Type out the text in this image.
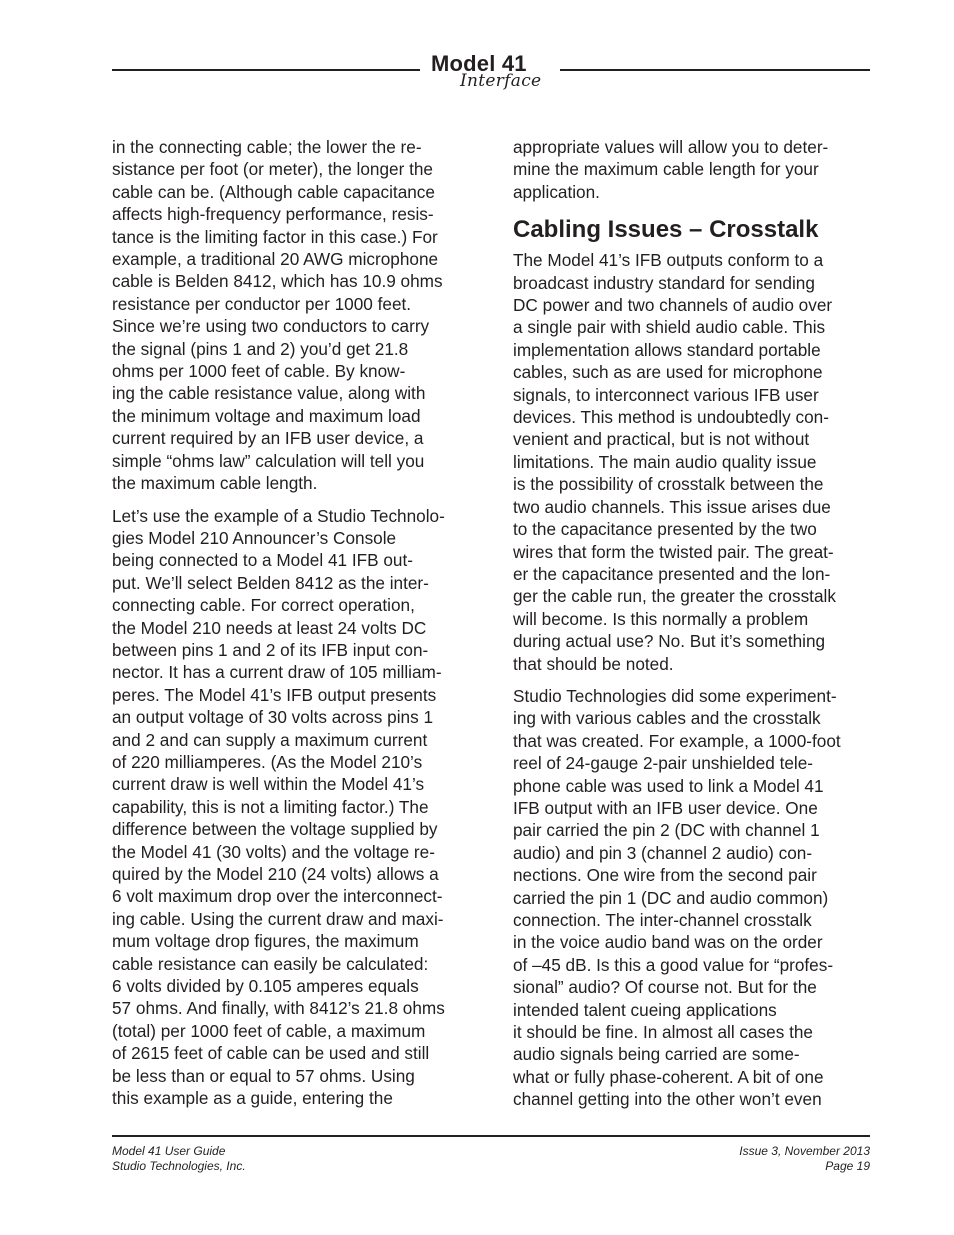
Model 41
Interface
in the connecting cable; the lower the re-
sistance per foot (or meter), the longer the
cable can be. (Although cable capacitance
affects high-frequency performance, resis-
tance is the limiting factor in this case.) For
example, a traditional 20 AWG microphone
cable is Belden 8412, which has 10.9 ohms
resistance per conductor per 1000 feet.
Since we’re using two conductors to carry
the signal (pins 1 and 2) you’d get 21.8
ohms per 1000 feet of cable. By know-
ing the cable resistance value, along with
the minimum voltage and maximum load
current required by an IFB user device, a
simple “ohms law” calculation will tell you
the maximum cable length.
Let’s use the example of a Studio Technolo-
gies Model 210 Announcer’s Console
being connected to a Model 41 IFB out-
put. We’ll select Belden 8412 as the inter-
connecting cable. For correct operation,
the Model 210 needs at least 24 volts DC
between pins 1 and 2 of its IFB input con-
nector. It has a current draw of 105 milliam-
peres. The Model 41’s IFB output presents
an output voltage of 30 volts across pins 1
and 2 and can supply a maximum current
of 220 milliamperes. (As the Model 210’s
current draw is well within the Model 41’s
capability, this is not a limiting factor.) The
difference between the voltage supplied by
the Model 41 (30 volts) and the voltage re-
quired by the Model 210 (24 volts) allows a
6 volt maximum drop over the interconnect-
ing cable. Using the current draw and maxi-
mum voltage drop figures, the maximum
cable resistance can easily be calculated:
6 volts divided by 0.105 amperes equals
57 ohms. And finally, with 8412’s 21.8 ohms
(total) per 1000 feet of cable, a maximum
of 2615 feet of cable can be used and still
be less than or equal to 57 ohms. Using
this example as a guide, entering the
appropriate values will allow you to deter-
mine the maximum cable length for your
application.
Cabling Issues – Crosstalk
The Model 41’s IFB outputs conform to a
broadcast industry standard for sending
DC power and two channels of audio over
a single pair with shield audio cable. This
implementation allows standard portable
cables, such as are used for microphone
signals, to interconnect various IFB user
devices. This method is undoubtedly con-
venient and practical, but is not without
limitations. The main audio quality issue
is the possibility of crosstalk between the
two audio channels. This issue arises due
to the capacitance presented by the two
wires that form the twisted pair. The great-
er the capacitance presented and the lon-
ger the cable run, the greater the crosstalk
will become. Is this normally a problem
during actual use? No. But it’s something
that should be noted.
Studio Technologies did some experiment-
ing with various cables and the crosstalk
that was created. For example, a 1000-foot
reel of 24-gauge 2-pair unshielded tele-
phone cable was used to link a Model 41
IFB output with an IFB user device. One
pair carried the pin 2 (DC with channel 1
audio) and pin 3 (channel 2 audio) con-
nections. One wire from the second pair
carried the pin 1 (DC and audio common)
connection. The inter-channel crosstalk
in the voice audio band was on the order
of –45 dB. Is this a good value for “profes-
sional” audio? Of course not. But for the
intended talent cueing applications
it should be fine. In almost all cases the
audio signals being carried are some-
what or fully phase-coherent. A bit of one
channel getting into the other won’t even
Model 41 User Guide
Studio Technologies, Inc.
Issue 3, November 2013
Page 19
